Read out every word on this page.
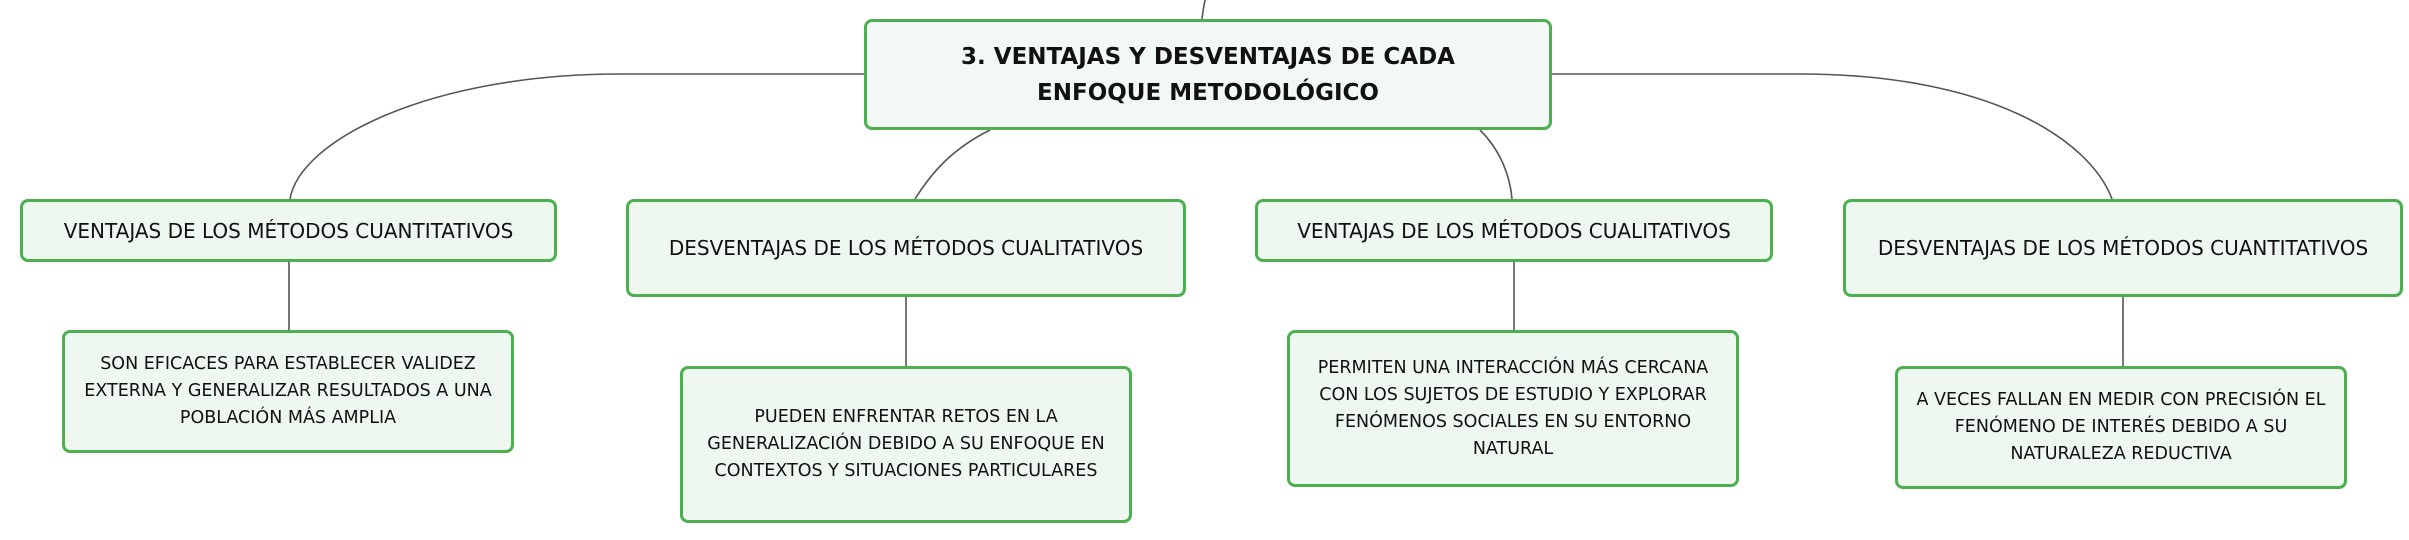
3. VENTAJAS Y DESVENTAJAS DE CADA ENFOQUE METODOLÓGICO
VENTAJAS DE LOS MÉTODOS CUANTITATIVOS
DESVENTAJAS DE LOS MÉTODOS CUALITATIVOS
VENTAJAS DE LOS MÉTODOS CUALITATIVOS
DESVENTAJAS DE LOS MÉTODOS CUANTITATIVOS
SON EFICACES PARA ESTABLECER VALIDEZ EXTERNA Y GENERALIZAR RESULTADOS A UNA POBLACIÓN MÁS AMPLIA	PUEDEN ENFRENTAR RETOS EN LA GENERALIZACIÓN DEBIDO A SU ENFOQUE EN CONTEXTOS Y SITUACIONES PARTICULARES
PERMITEN UNA INTERACCIÓN MÁS CERCANA CON LOS SUJETOS DE ESTUDIO Y EXPLORAR FENÓMENOS SOCIALES EN SU ENTORNO NATURAL
A VECES FALLAN EN MEDIR CON PRECISIÓN EL FENÓMENO DE INTERÉS DEBIDO A SU NATURALEZA REDUCTIVA
